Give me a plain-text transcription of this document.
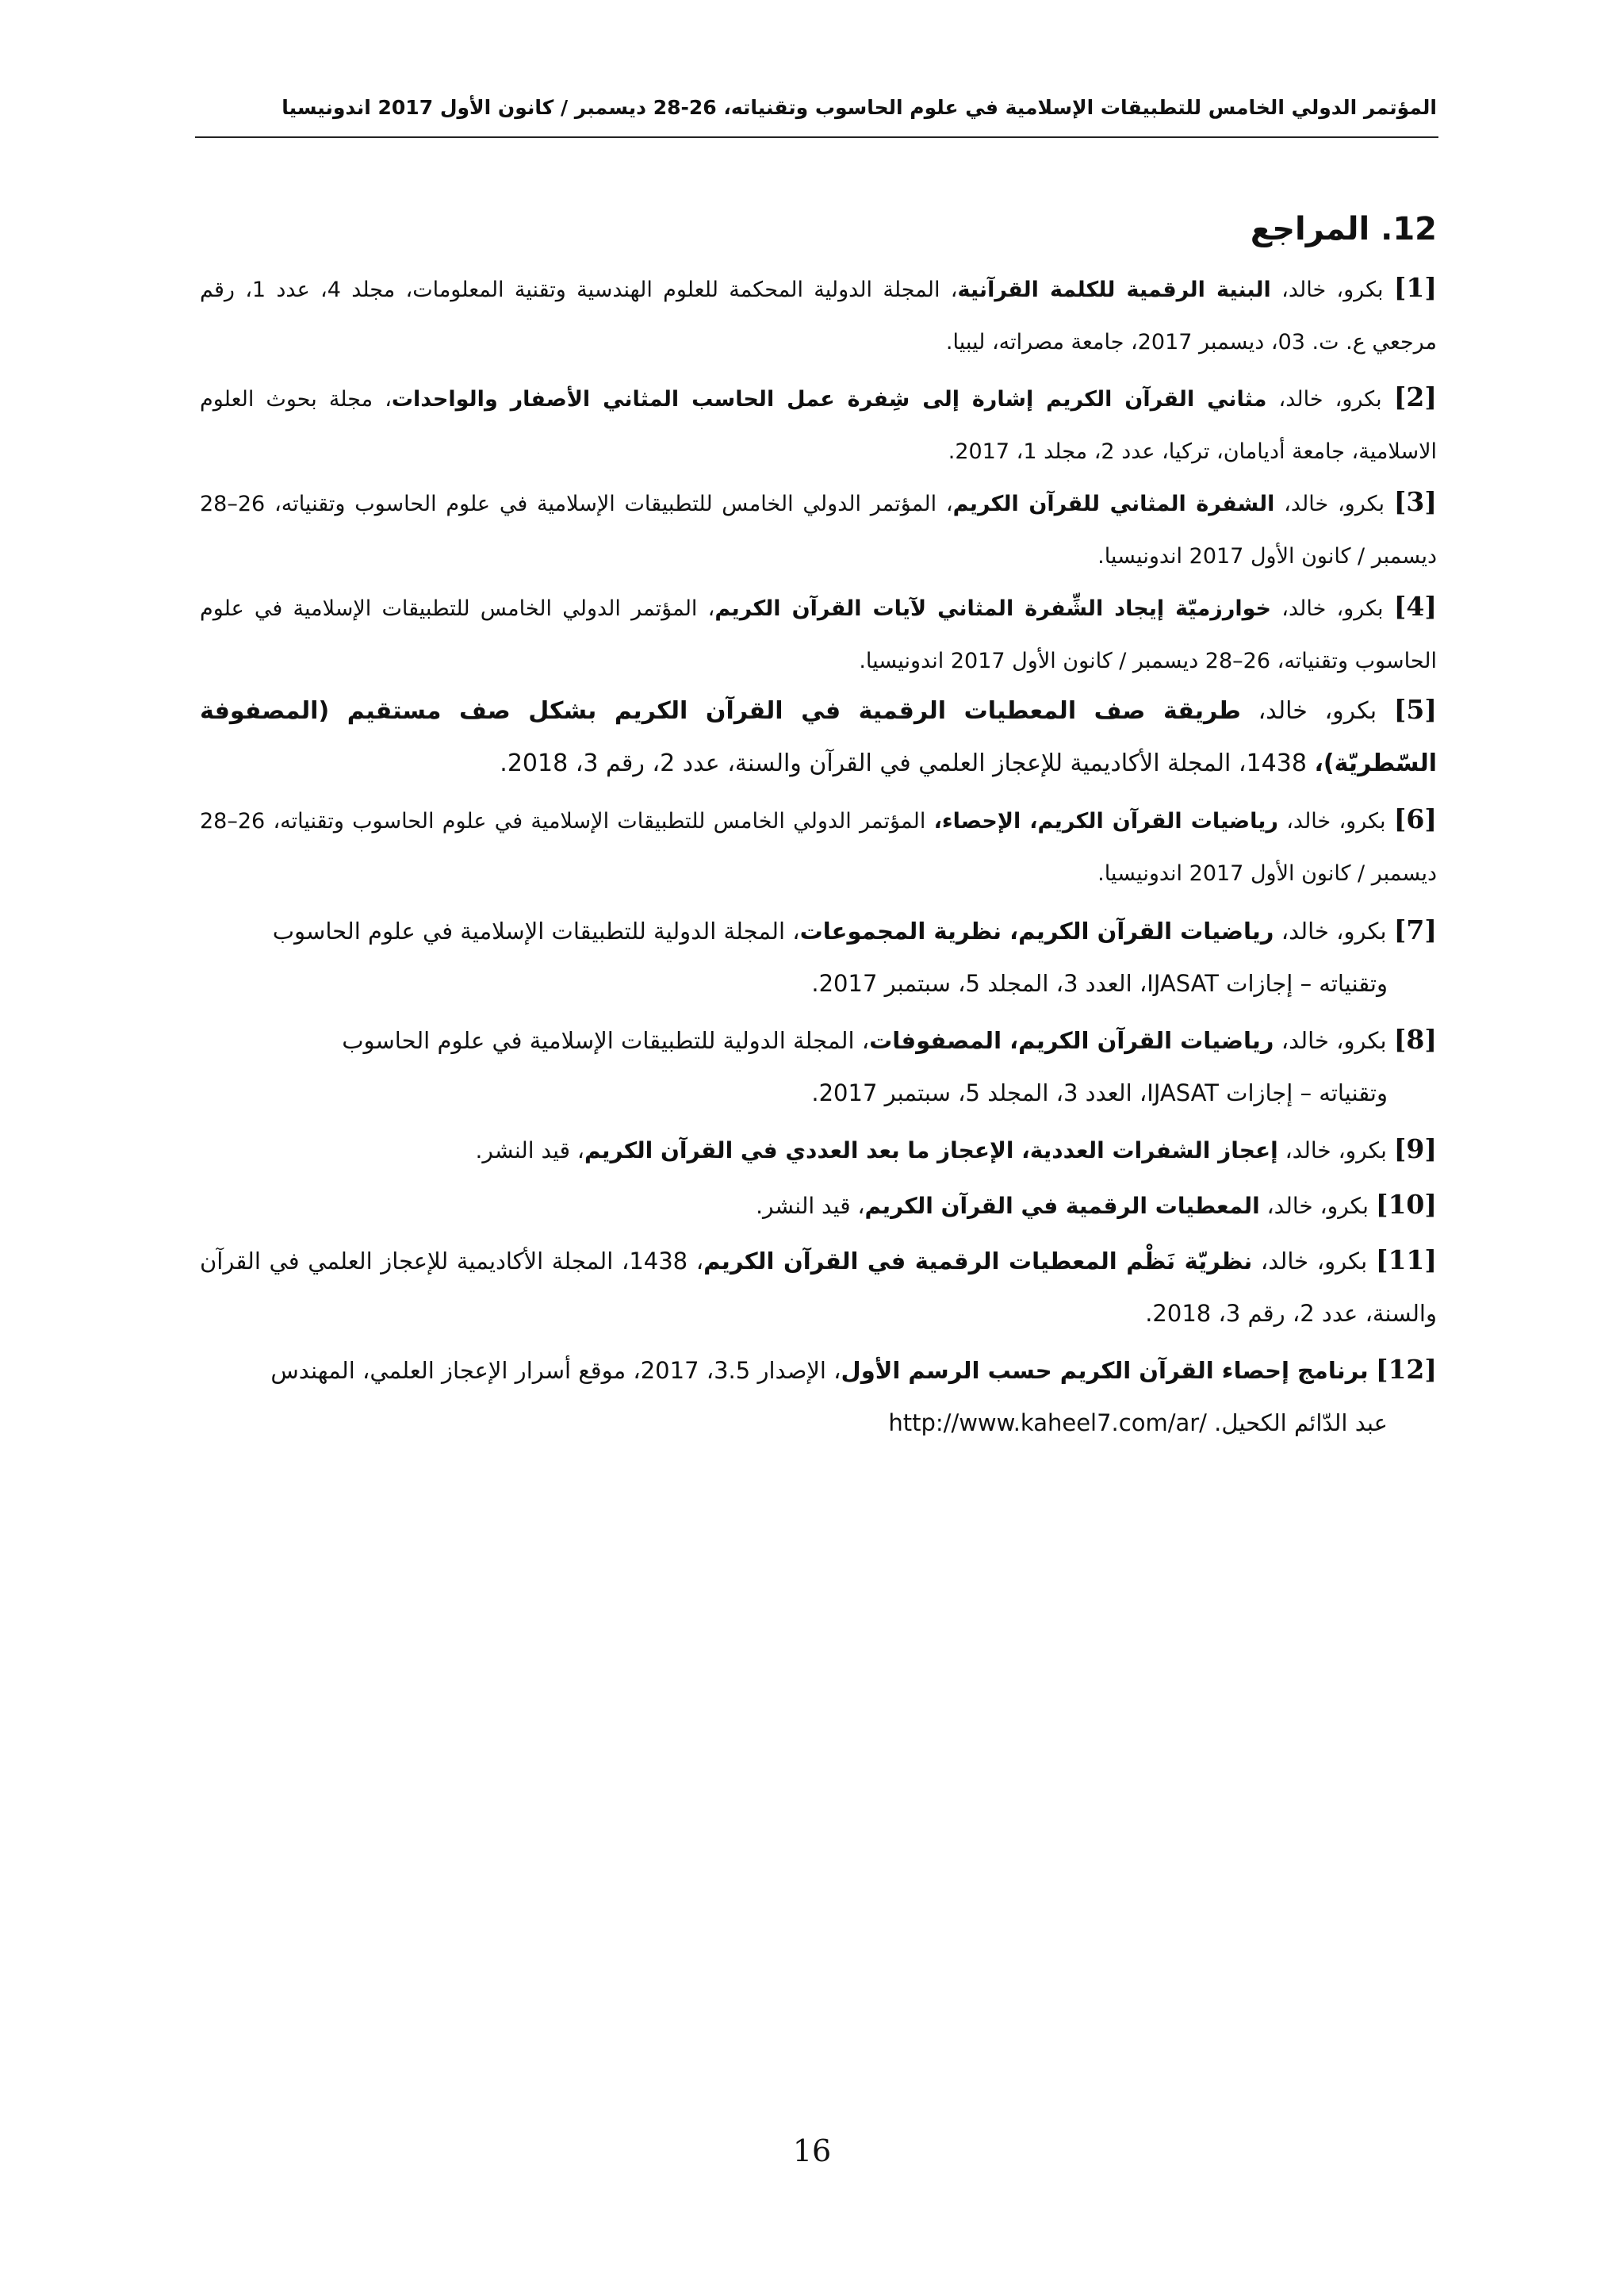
المؤتمر الدولي الخامس للتطبيقات الإسلامية في علوم الحاسوب وتقنياته، 26-28 ديسمبر / كانون الأول 2017 اندونيسيا
12. المراجع
[1] بكرو، خالد، البنية الرقمية للكلمة القرآنية، المجلة الدولية المحكمة للعلوم الهندسية وتقنية المعلومات، مجلد 4، عدد 1، رقم مرجعي ع. ت. 03، ديسمبر 2017، جامعة مصراته، ليبيا.
[2] بكرو، خالد، مثاني القرآن الكريم إشارة إلى شِفرة عمل الحاسب المثاني الأصفار والواحدات، مجلة بحوث العلوم الاسلامية، جامعة أديامان، تركيا، عدد 2، مجلد 1، 2017.
[3] بكرو، خالد، الشفرة المثاني للقرآن الكريم، المؤتمر الدولي الخامس للتطبيقات الإسلامية في علوم الحاسوب وتقنياته، 26–28 ديسمبر / كانون الأول 2017 اندونيسيا.
[4] بكرو، خالد، خوارزميّة إيجاد الشِّفرة المثاني لآيات القرآن الكريم، المؤتمر الدولي الخامس للتطبيقات الإسلامية في علوم الحاسوب وتقنياته، 26–28 ديسمبر / كانون الأول 2017 اندونيسيا.
[5] بكرو، خالد، طريقة صف المعطيات الرقمية في القرآن الكريم بشكل صف مستقيم (المصفوفة السّطريّة)، 1438، المجلة الأكاديمية للإعجاز العلمي في القرآن والسنة، عدد 2، رقم 3، 2018.
[6] بكرو، خالد، رياضيات القرآن الكريم، الإحصاء، المؤتمر الدولي الخامس للتطبيقات الإسلامية في علوم الحاسوب وتقنياته، 26–28 ديسمبر / كانون الأول 2017 اندونيسيا.
[7] بكرو، خالد، رياضيات القرآن الكريم، نظرية المجموعات، المجلة الدولية للتطبيقات الإسلامية في علوم الحاسوب
وتقنياته – إجازات IJASAT، العدد 3، المجلد 5، سبتمبر 2017.
[8] بكرو، خالد، رياضيات القرآن الكريم، المصفوفات، المجلة الدولية للتطبيقات الإسلامية في علوم الحاسوب
وتقنياته – إجازات IJASAT، العدد 3، المجلد 5، سبتمبر 2017.
[9] بكرو، خالد، إعجاز الشفرات العددية، الإعجاز ما بعد العددي في القرآن الكريم، قيد النشر.
[10] بكرو، خالد، المعطيات الرقمية في القرآن الكريم، قيد النشر.
[11] بكرو، خالد، نظريّة نَظْم المعطيات الرقمية في القرآن الكريم، 1438، المجلة الأكاديمية للإعجاز العلمي في القرآن والسنة، عدد 2، رقم 3، 2018.
[12] برنامج إحصاء القرآن الكريم حسب الرسم الأول، الإصدار 3.5، 2017، موقع أسرار الإعجاز العلمي، المهندس
عبد الدّائم الكحيل. http://www.kaheel7.com/ar/
16
